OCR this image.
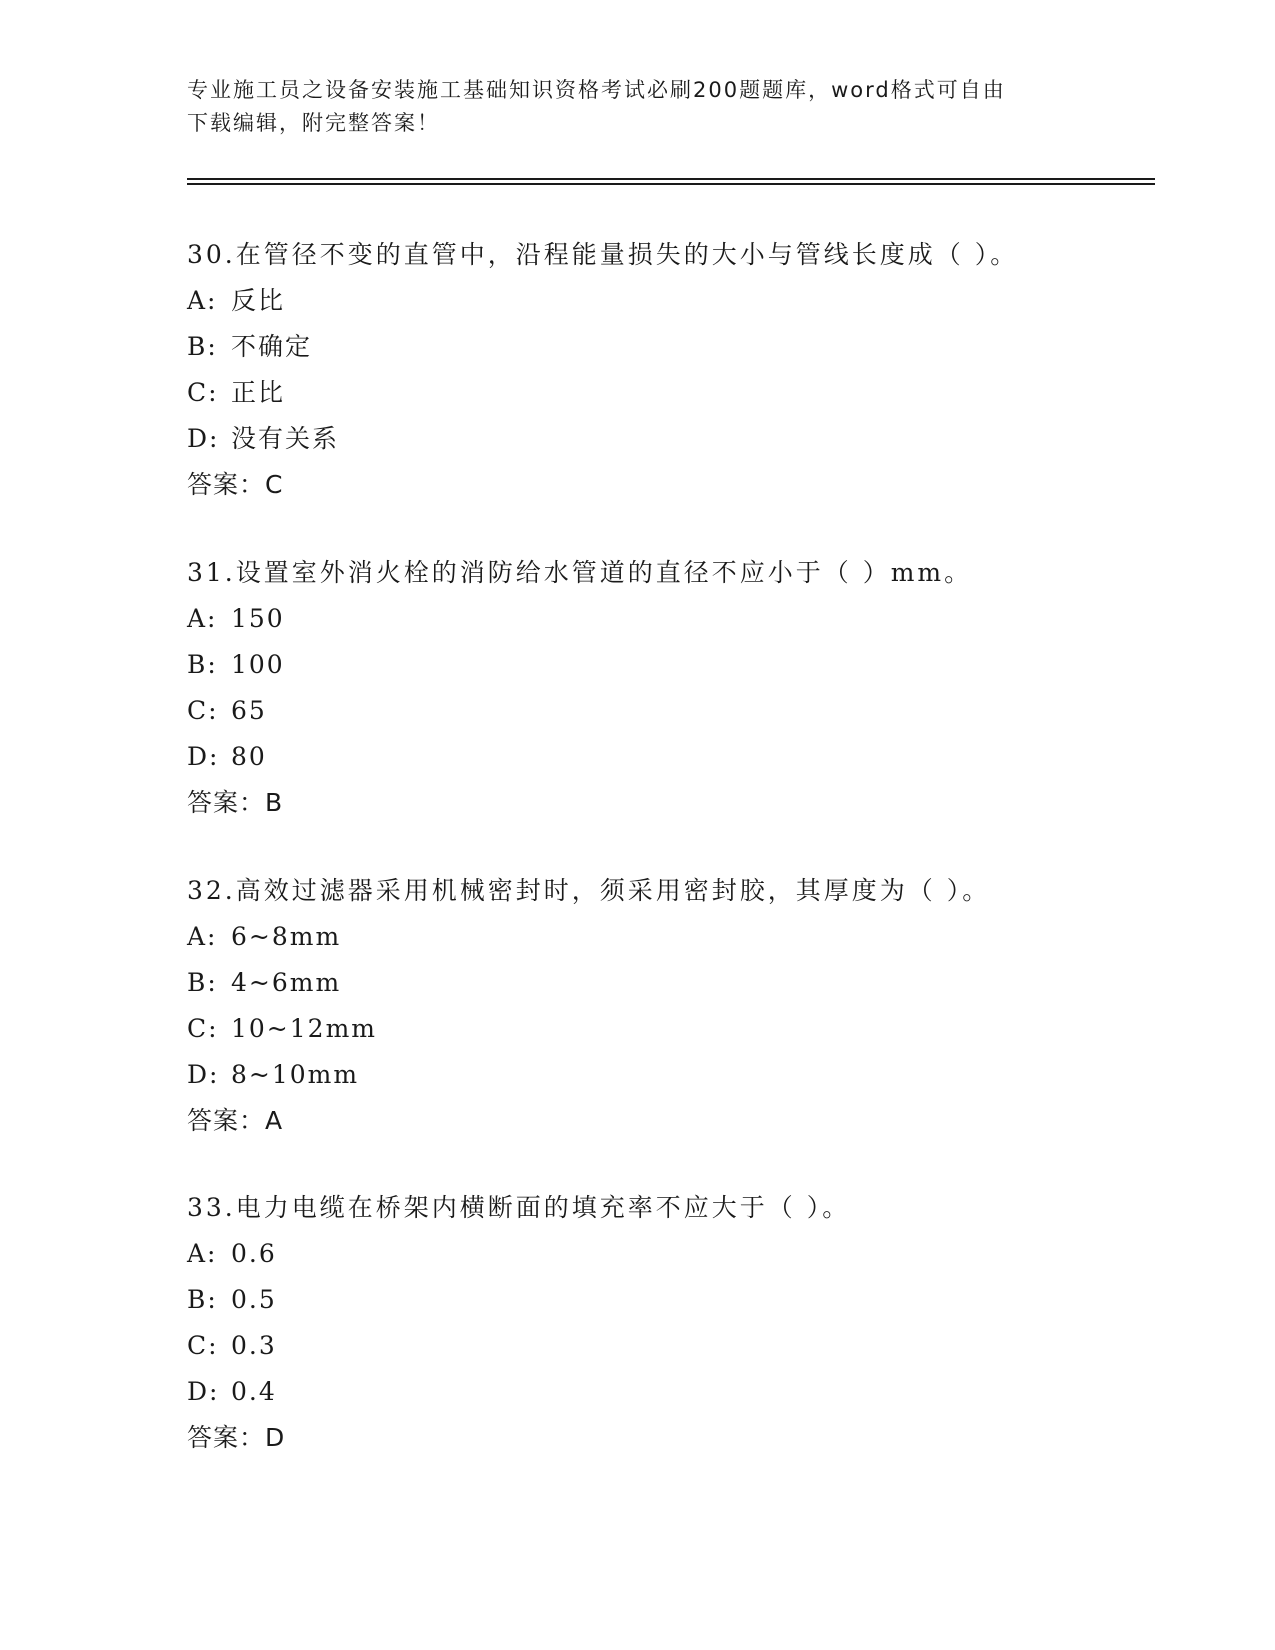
专业施工员之设备安装施工基础知识资格考试必刷200题题库，word格式可自由
下载编辑，附完整答案！
30.在管径不变的直管中，沿程能量损失的大小与管线长度成（ ）。
A: 反比
B: 不确定
C: 正比
D: 没有关系
答案：C
31.设置室外消火栓的消防给水管道的直径不应小于（ ）mm。
A: 150
B: 100
C: 65
D: 80
答案：B
32.高效过滤器采用机械密封时，须采用密封胶，其厚度为（ ）。
A: 6~8mm
B: 4~6mm
C: 10~12mm
D: 8~10mm
答案：A
33.电力电缆在桥架内横断面的填充率不应大于（ ）。
A: 0.6
B: 0.5
C: 0.3
D: 0.4
答案：D
